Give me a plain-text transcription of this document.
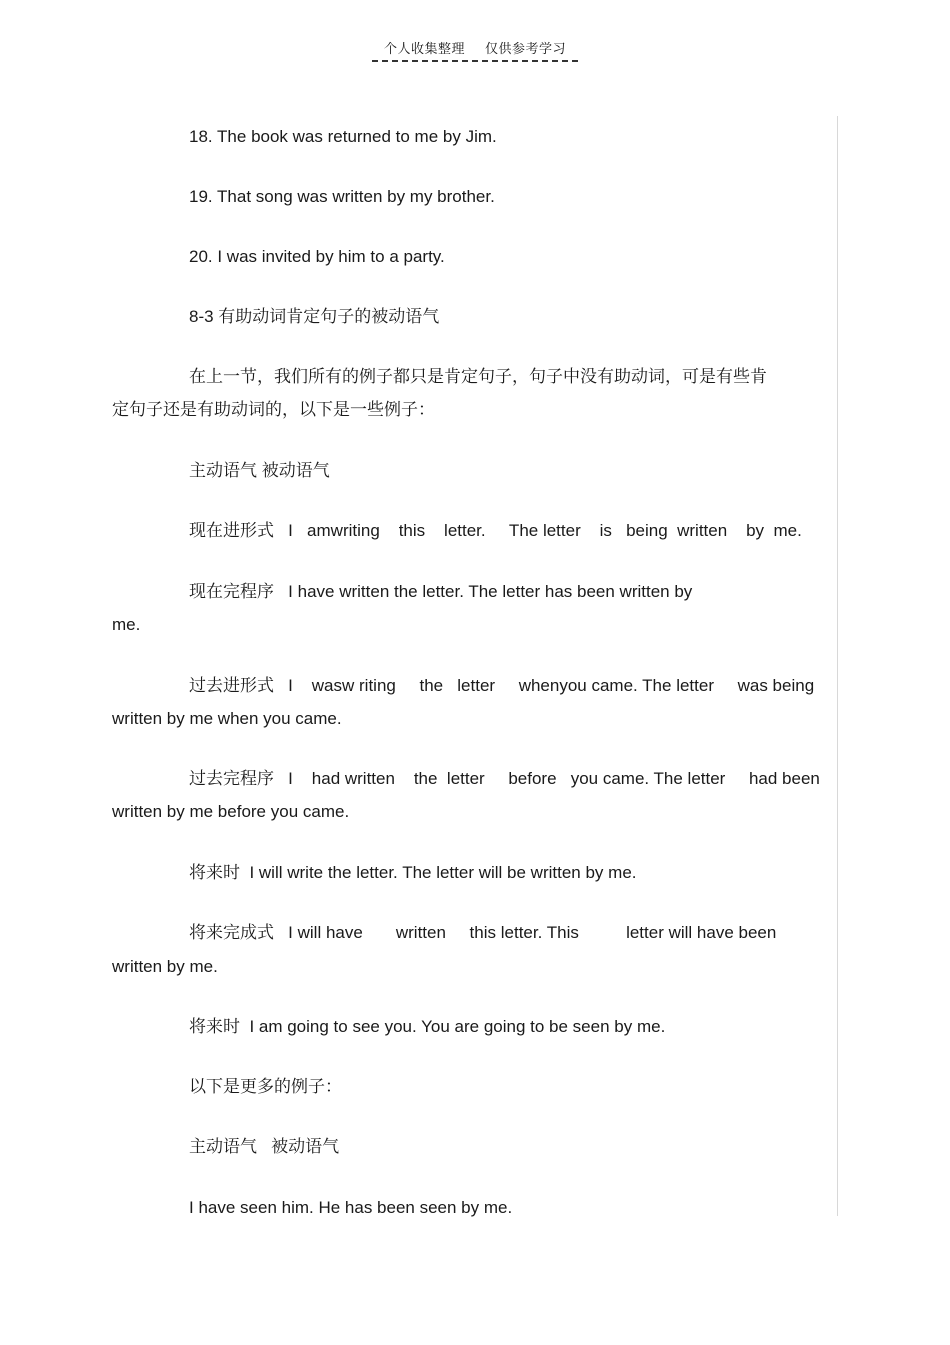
个人收集整理 仅供参考学习
18. The book was returned to me by Jim.
19. That song was written by my brother.
20. I was invited by him to a party.
8-3 有助动词肯定句子的被动语气
在上一节，我们所有的例子都只是肯定句子，句子中没有助动词，可是有些肯
定句子还是有助动词的，以下是一些例子：
主动语气 被动语气
现在进形式   I   amwriting    this    letter.     The letter    is   being  written    by  me.
现在完程序   I have written the letter. The letter has been written by
me.
过去进形式   I    wasw riting     the   letter     whenyou came. The letter     was being
written by me when you came.
过去完程序   I    had written    the  letter     before   you came. The letter     had been
written by me before you came.
将来时  I will write the letter. The letter will be written by me.
将来完成式   I will have       written     this letter. This          letter will have been
written by me.
将来时  I am going to see you. You are going to be seen by me.
以下是更多的例子：
主动语气   被动语气
I have seen him. He has been seen by me.
